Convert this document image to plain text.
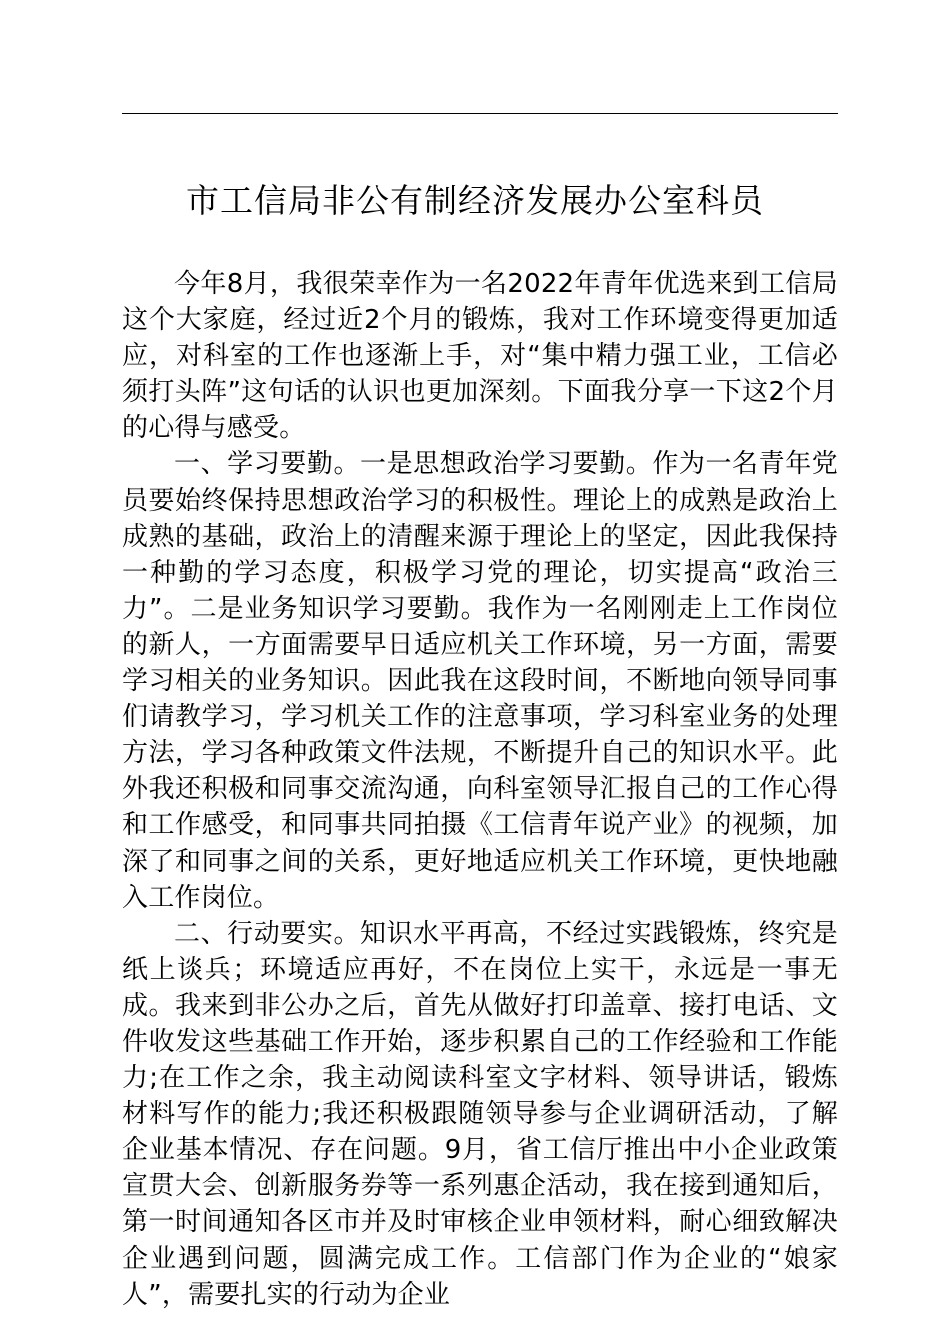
市工信局非公有制经济发展办公室科员

今年8月，我很荣幸作为一名2022年青年优选来到工信局这个大家庭，经过近2个月的锻炼，我对工作环境变得更加适应，对科室的工作也逐渐上手，对“集中精力强工业，工信必须打头阵”这句话的认识也更加深刻。下面我分享一下这2个月的心得与感受。

一、学习要勤。一是思想政治学习要勤。作为一名青年党员要始终保持思想政治学习的积极性。理论上的成熟是政治上成熟的基础，政治上的清醒来源于理论上的坚定，因此我保持一种勤的学习态度，积极学习党的理论，切实提高“政治三力”。二是业务知识学习要勤。我作为一名刚刚走上工作岗位的新人，一方面需要早日适应机关工作环境，另一方面，需要学习相关的业务知识。因此我在这段时间，不断地向领导同事们请教学习，学习机关工作的注意事项，学习科室业务的处理方法，学习各种政策文件法规，不断提升自己的知识水平。此外我还积极和同事交流沟通，向科室领导汇报自己的工作心得和工作感受，和同事共同拍摄《工信青年说产业》的视频，加深了和同事之间的关系，更好地适应机关工作环境，更快地融入工作岗位。

二、行动要实。知识水平再高，不经过实践锻炼，终究是纸上谈兵；环境适应再好，不在岗位上实干，永远是一事无成。我来到非公办之后，首先从做好打印盖章、接打电话、文件收发这些基础工作开始，逐步积累自己的工作经验和工作能力;在工作之余，我主动阅读科室文字材料、领导讲话，锻炼材料写作的能力;我还积极跟随领导参与企业调研活动，了解企业基本情况、存在问题。9月，省工信厅推出中小企业政策宣贯大会、创新服务券等一系列惠企活动，我在接到通知后，第一时间通知各区市并及时审核企业申领材料，耐心细致解决企业遇到问题，圆满完成工作。工信部门作为企业的“娘家人”，需要扎实的行动为企业
